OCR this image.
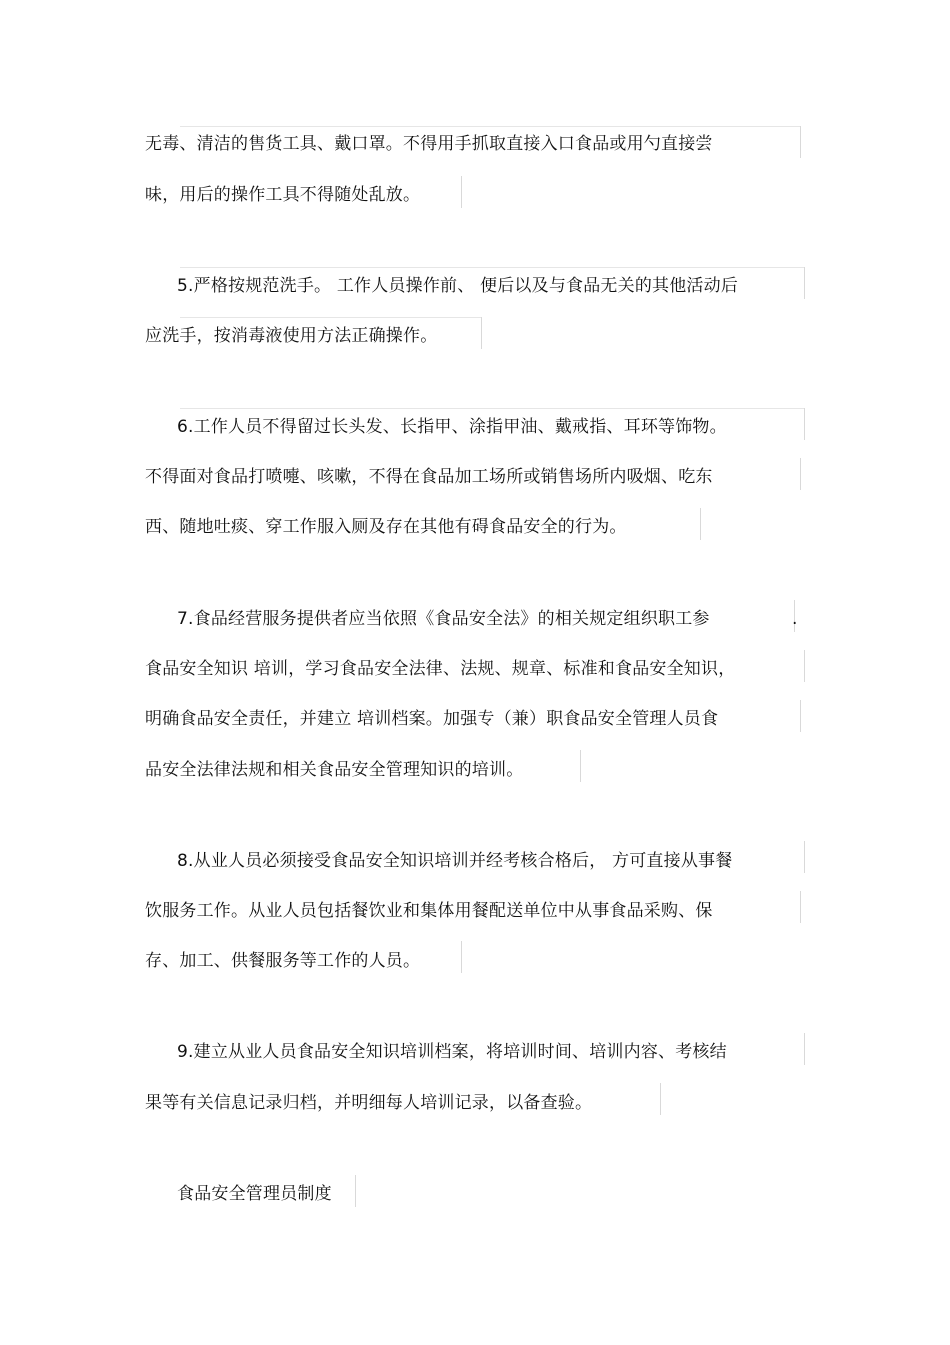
无毒、清洁的售货工具、戴口罩。不得用手抓取直接入口食品或用勺直接尝
味，用后的操作工具不得随处乱放。
5.严格按规范洗手。 工作人员操作前、 便后以及与食品无关的其他活动后
应洗手，按消毒液使用方法正确操作。
6.工作人员不得留过长头发、长指甲、涂指甲油、戴戒指、耳环等饰物。
不得面对食品打喷嚏、咳嗽，不得在食品加工场所或销售场所内吸烟、吃东
西、随地吐痰、穿工作服入厕及存在其他有碍食品安全的行为。
7.食品经营服务提供者应当依照《食品安全法》的相关规定组织职工参	.
食品安全知识 培训，学习食品安全法律、法规、规章、标准和食品安全知识，
明确食品安全责任，并建立 培训档案。加强专（兼）职食品安全管理人员食
品安全法律法规和相关食品安全管理知识的培训。
8.从业人员必须接受食品安全知识培训并经考核合格后， 方可直接从事餐
饮服务工作。从业人员包括餐饮业和集体用餐配送单位中从事食品采购、保
存、加工、供餐服务等工作的人员。
9.建立从业人员食品安全知识培训档案，将培训时间、培训内容、考核结
果等有关信息记录归档，并明细每人培训记录，以备查验。
食品安全管理员制度
